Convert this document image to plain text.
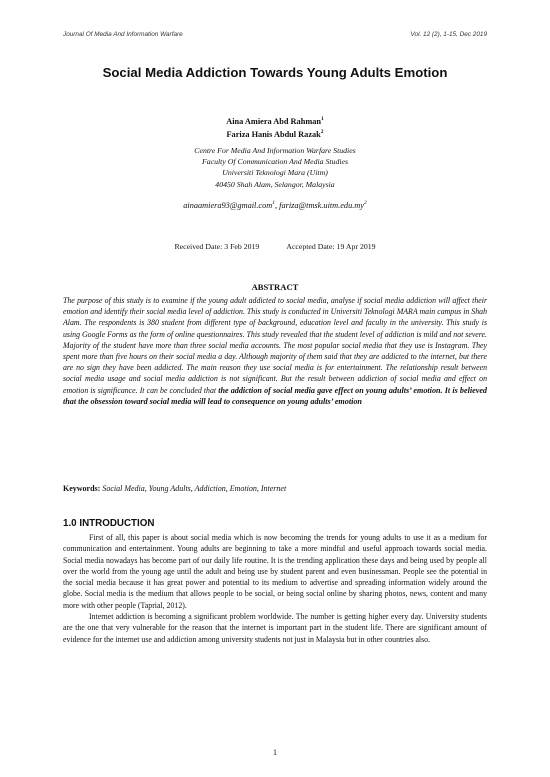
Journal Of Media And Information Warfare	Vol. 12 (2), 1-15, Dec 2019
Social Media Addiction Towards Young Adults Emotion
Aina Amiera Abd Rahman$^1$
Fariza Hanis Abdul Razak$^2$
Centre For Media And Information Warfare Studies
Faculty Of Communication And Media Studies
Universiti Teknologi Mara (Uitm)
40450 Shah Alam, Selangor, Malaysia
ainaamiera93@gmail.com$^1$, $fariza@tmsk.uitm.edu.my^2$
Received Date: 3 Feb 2019	Accepted Date: 19 Apr 2019
ABSTRACT

The purpose of this study is to examine if the young adult addicted to social media, analyse if social media addiction will affect their emotion and identify their social media level of addiction. This study is conducted in Universiti Teknologi MARA main campus in Shah Alam. The respondents is 380 student from different type of background, education level and faculty in the university. This study is using Google Forms as the form of online questionnaires. This study revealed that the student level of addiction is mild and not severe. Majority of the student have more than three social media accounts. The most popular social media that they use is Instagram. They spent more than five hours on their social media a day. Although majority of them said that they are addicted to the internet, but there are no sign they have been addicted. The main reason they use social media is for entertainment. The relationship result between social media usage and social media addiction is not significant. But the result between addiction of social media and effect on emotion is significance. It can be concluded that the addiction of social media gave effect on young adults’ emotion. It is believed that the obsession toward social media will lead to consequence on young adults’ emotion

Keywords: Social Media, Young Adults, Addiction, Emotion, Internet
1.0 INTRODUCTION

First of all, this paper is about social media which is now becoming the trends for young adults to use it as a medium for communication and entertainment. Young adults are beginning to take a more mindful and useful approach towards social media. Social media nowadays has become part of our daily life routine. It is the trending application these days and being used by people all over the world from the young age until the adult and being use by student parent and even businessman. People see the potential in the social media because it has great power and potential to its medium to advertise and spreading information widely around the globe. Social media is the medium that allows people to be social, or being social online by sharing photos, news, content and many more with other people (Taprial, 2012).

Internet addiction is becoming a significant problem worldwide. The number is getting higher every day. University students are the one that very vulnerable for the reason that the internet is important part in the student life. There are significant amount of evidence for the internet use and addiction among university students not just in Malaysia but in other countries also.

1
